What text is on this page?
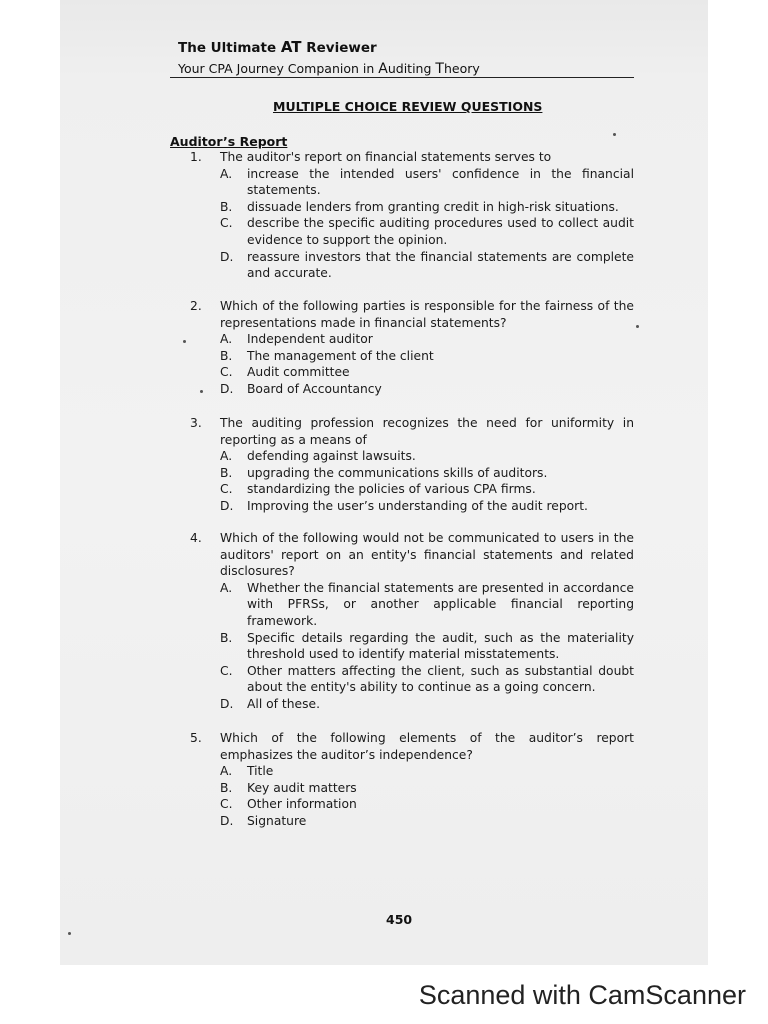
The Ultimate AT Reviewer
Your CPA Journey Companion in Auditing Theory
MULTIPLE CHOICE REVIEW QUESTIONS
Auditor’s Report
1.	The auditor's report on financial statements serves to
A.	increase the intended users' confidence in the financial statements.
B.	dissuade lenders from granting credit in high-risk situations.
C.	describe the specific auditing procedures used to collect audit evidence to support the opinion.
D.	reassure investors that the financial statements are complete and accurate.
2.	Which of the following parties is responsible for the fairness of the representations made in financial statements?
A.	Independent auditor
B.	The management of the client
C.	Audit committee
D.	Board of Accountancy
3.	The auditing profession recognizes the need for uniformity in reporting as a means of
A.	defending against lawsuits.
B.	upgrading the communications skills of auditors.
C.	standardizing the policies of various CPA firms.
D.	Improving the user’s understanding of the audit report.
4.	Which of the following would not be communicated to users in the auditors' report on an entity's financial statements and related disclosures?
A.	Whether the financial statements are presented in accordance with PFRSs, or another applicable financial reporting framework.
B.	Specific details regarding the audit, such as the materiality threshold used to identify material misstatements.
C.	Other matters affecting the client, such as substantial doubt about the entity's ability to continue as a going concern.
D.	All of these.
5.	Which of the following elements of the auditor’s report emphasizes the auditor’s independence?
A.	Title
B.	Key audit matters
C.	Other information
D.	Signature
450
Scanned with CamScanner
